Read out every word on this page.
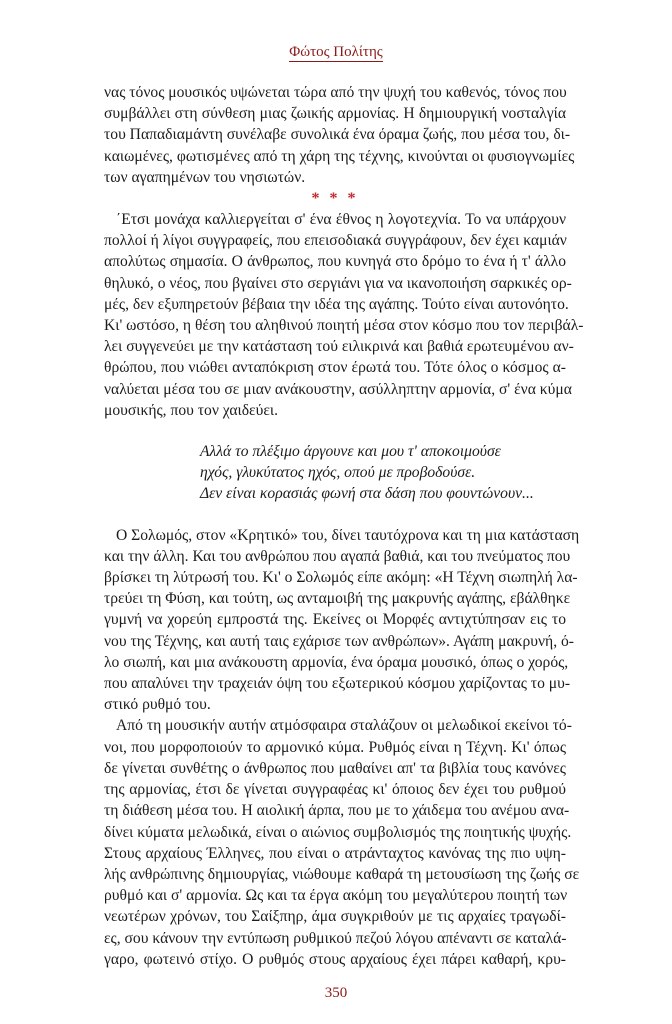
Φώτος Πολίτης
νας τόνος μουσικός υψώνεται τώρα από την ψυχή του καθενός, τόνος που
συμβάλλει στη σύνθεση μιας ζωικής αρμονίας. Η δημιουργική νοσταλγία
του Παπαδιαμάντη συνέλαβε συνολικά ένα όραμα ζωής, που μέσα του, δι-
καιωμένες, φωτισμένες από τη χάρη της τέχνης, κινούνται οι φυσιογνωμίες
των αγαπημένων του νησιωτών.
* * *
΄Ετσι μονάχα καλλιεργείται σ' ένα έθνος η λογοτεχνία. Το να υπάρχουν
πολλοί ή λίγοι συγγραφείς, που επεισοδιακά συγγράφουν, δεν έχει καμιάν
απολύτως σημασία. Ο άνθρωπος, που κυνηγά στο δρόμο το ένα ή τ' άλλο
θηλυκό, ο νέος, που βγαίνει στο σεργιάνι για να ικανοποιήση σαρκικές ορ-
μές, δεν εξυπηρετούν βέβαια την ιδέα της αγάπης. Τούτο είναι αυτονόητο.
Κι' ωστόσο, η θέση του αληθινού ποιητή μέσα στον κόσμο που τον περιβάλ-
λει συγγενεύει με την κατάσταση τού ειλικρινά και βαθιά ερωτευμένου αν-
θρώπου, που νιώθει ανταπόκριση στον έρωτά του. Τότε όλος ο κόσμος α-
ναλύεται μέσα του σε μιαν ανάκουστην, ασύλληπτην αρμονία, σ' ένα κύμα
μουσικής, που τον χαιδεύει.
Αλλά το πλέξιμο άργουνε και μου τ' αποκοιμούσε
ηχός, γλυκύτατος ηχός, οπού με προβοδούσε.
Δεν είναι κορασιάς φωνή στα δάση που φουντώνουν...
Ο Σολωμός, στον «Κρητικό» του, δίνει ταυτόχρονα και τη μια κατάσταση
και την άλλη. Και του ανθρώπου που αγαπά βαθιά, και του πνεύματος που
βρίσκει τη λύτρωσή του. Κι' ο Σολωμός είπε ακόμη: «Η Τέχνη σιωπηλή λα-
τρεύει τη Φύση, και τούτη, ως ανταμοιβή της μακρυνής αγάπης, εβάλθηκε
γυμνή να χορεύη εμπροστά της. Εκείνες οι Μορφές αντιχτύπησαν εις το
νου της Τέχνης, και αυτή ταις εχάρισε των ανθρώπων». Αγάπη μακρυνή, ό-
λο σιωπή, και μια ανάκουστη αρμονία, ένα όραμα μουσικό, όπως ο χορός,
που απαλύνει την τραχειάν όψη του εξωτερικού κόσμου χαρίζοντας το μυ-
στικό ρυθμό του.
Από τη μουσικήν αυτήν ατμόσφαιρα σταλάζουν οι μελωδικοί εκείνοι τό-
νοι, που μορφοποιούν το αρμονικό κύμα. Ρυθμός είναι η Τέχνη. Κι' όπως
δε γίνεται συνθέτης ο άνθρωπος που μαθαίνει απ' τα βιβλία τους κανόνες
της αρμονίας, έτσι δε γίνεται συγγραφέας κι' όποιος δεν έχει του ρυθμού
τη διάθεση μέσα του. Η αιολική άρπα, που με το χάιδεμα του ανέμου ανα-
δίνει κύματα μελωδικά, είναι ο αιώνιος συμβολισμός της ποιητικής ψυχής.
Στους αρχαίους Έλληνες, που είναι ο ατράνταχτος κανόνας της πιο υψη-
λής ανθρώπινης δημιουργίας, νιώθουμε καθαρά τη μετουσίωση της ζωής σε
ρυθμό και σ' αρμονία. Ως και τα έργα ακόμη του μεγαλύτερου ποιητή των
νεωτέρων χρόνων, του Σαίξπηρ, άμα συγκριθούν με τις αρχαίες τραγωδί-
ες, σου κάνουν την εντύπωση ρυθμικού πεζού λόγου απέναντι σε καταλά-
γαρο, φωτεινό στίχο. Ο ρυθμός στους αρχαίους έχει πάρει καθαρή, κρυ-
350
